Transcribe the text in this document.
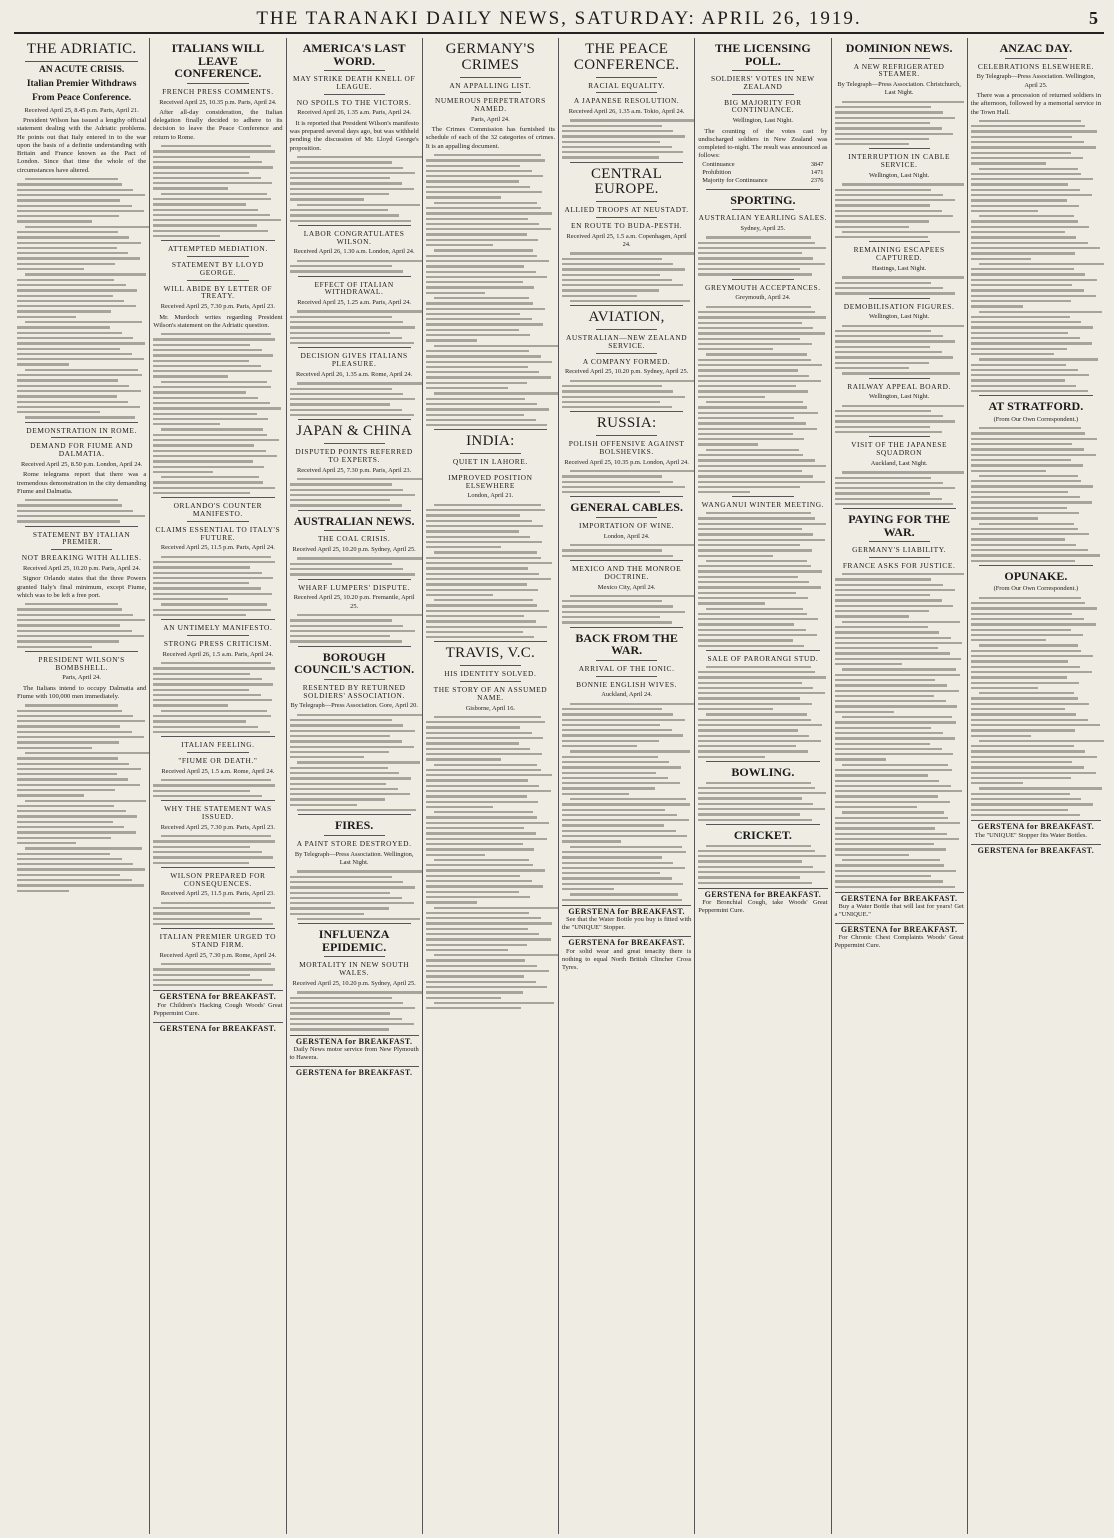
THE TARANAKI DAILY NEWS, SATURDAY: APRIL 26, 1919.	5
THE ADRIATIC.
AN ACUTE CRISIS.
Italian Premier Withdraws
From Peace Conference.
Received April 25, 8.45 p.m. Paris, April 21.

President Wilson has issued a lengthy official statement dealing with the Adriatic problems. He points out that Italy entered in to the war upon the basis of a definite understanding with Britain and France known as the Pact of London. Since that time the whole of the circumstances have altered.

DEMONSTRATION IN ROME.
DEMAND FOR FIUME AND DALMATIA.
Received April 25, 8.50 p.m. London, April 24.

Rome telegrams report that there was a tremendous demonstration in the city demanding Fiume and Dalmatia.

STATEMENT BY ITALIAN PREMIER.
NOT BREAKING WITH ALLIES.
Received April 25, 10.20 p.m. Paris, April 24.

Signor Orlando states that the three Powers granted Italy's final minimum, except Fiume, which was to be left a free port.

PRESIDENT WILSON'S BOMBSHELL.
Paris, April 24.

The Italians intend to occupy Dalmatia and Fiume with 100,000 men immediately.

ITALIANS WILL LEAVE CONFERENCE.
FRENCH PRESS COMMENTS.
Received April 25, 10.35 p.m. Paris, April 24.

After all-day consideration, the Italian delegation finally decided to adhere to its decision to leave the Peace Conference and return to Rome.

ATTEMPTED MEDIATION.
STATEMENT BY LLOYD GEORGE.
WILL ABIDE BY LETTER OF TREATY.
Received April 25, 7.30 p.m. Paris, April 23.

Mr. Murdoch writes regarding President Wilson's statement on the Adriatic question.

ORLANDO'S COUNTER MANIFESTO.
CLAIMS ESSENTIAL TO ITALY'S FUTURE.
Received April 25, 11.5 p.m. Paris, April 24.
AN UNTIMELY MANIFESTO.
STRONG PRESS CRITICISM.
Received April 26, 1.5 a.m. Paris, April 24.
ITALIAN FEELING.
"FIUME OR DEATH."
Received April 25, 1.5 a.m. Rome, April 24.
WHY THE STATEMENT WAS ISSUED.
Received April 25, 7.30 p.m. Paris, April 23.
WILSON PREPARED FOR CONSEQUENCES.
Received April 25, 11.5 p.m. Paris, April 23.
ITALIAN PREMIER URGED TO STAND FIRM.
Received April 25, 7.30 p.m. Rome, April 24.
GERSTENA for BREAKFAST.
For Children's Hacking Cough Woods' Great Peppermint Cure.
GERSTENA for BREAKFAST.
AMERICA'S LAST WORD.
MAY STRIKE DEATH KNELL OF LEAGUE.
NO SPOILS TO THE VICTORS.
Received April 26, 1.35 a.m. Paris, April 24.

It is reported that President Wilson's manifesto was prepared several days ago, but was withheld pending the discussion of Mr. Lloyd George's proposition.

LABOR CONGRATULATES WILSON.
Received April 26, 1.30 a.m. London, April 24.
EFFECT OF ITALIAN WITHDRAWAL.
Received April 25, 1.25 a.m. Paris, April 24.
DECISION GIVES ITALIANS PLEASURE.
Received April 26, 1.35 a.m. Rome, April 24.
JAPAN & CHINA
DISPUTED POINTS REFERRED TO EXPERTS.
Received April 25, 7.30 p.m. Paris, April 23.
AUSTRALIAN NEWS.
THE COAL CRISIS.
Received April 25, 10.20 p.m. Sydney, April 25.
WHARF LUMPERS' DISPUTE.
Received April 25, 10.20 p.m. Fremantle, April 25.
BOROUGH COUNCIL'S ACTION.
RESENTED BY RETURNED SOLDIERS' ASSOCIATION.
By Telegraph—Press Association. Gore, April 20.
FIRES.
A PAINT STORE DESTROYED.
By Telegraph—Press Association. Wellington, Last Night.
INFLUENZA EPIDEMIC.
MORTALITY IN NEW SOUTH WALES.
Received April 25, 10.20 p.m. Sydney, April 25.
GERSTENA for BREAKFAST.
Daily News motor service from New Plymouth to Hawera.
GERSTENA for BREAKFAST.
GERMANY'S CRIMES
AN APPALLING LIST.
NUMEROUS PERPETRATORS NAMED.
Paris, April 24.

The Crimes Commission has furnished its schedule of each of the 32 categories of crimes. It is an appalling document.

INDIA:
QUIET IN LAHORE.
IMPROVED POSITION ELSEWHERE
London, April 21.
TRAVIS, V.C.
HIS IDENTITY SOLVED.
THE STORY OF AN ASSUMED NAME.
Gisborne, April 16.
THE PEACE CONFERENCE.
RACIAL EQUALITY.
A JAPANESE RESOLUTION.
Received April 26, 1.35 a.m. Tokio, April 24.
CENTRAL EUROPE.
ALLIED TROOPS AT NEUSTADT.
EN ROUTE TO BUDA-PESTH.
Received April 25, 1.5 a.m. Copenhagen, April 24.
AVIATION,
AUSTRALIAN—NEW ZEALAND SERVICE.
A COMPANY FORMED.
Received April 25, 10.20 p.m. Sydney, April 25.
RUSSIA:
POLISH OFFENSIVE AGAINST BOLSHEVIKS.
Received April 25, 10.35 p.m. London, April 24.
GENERAL CABLES.
IMPORTATION OF WINE.
London, April 24.
MEXICO AND THE MONROE DOCTRINE.
Mexico City, April 24.
BACK FROM THE WAR.
ARRIVAL OF THE IONIC.
BONNIE ENGLISH WIVES.
Auckland, April 24.
GERSTENA for BREAKFAST.
See that the Water Bottle you buy is fitted with the "UNIQUE" Stopper.
GERSTENA for BREAKFAST.
For solid wear and great tenacity there is nothing to equal North British Clincher Cross Tyres.
THE LICENSING POLL.
SOLDIERS' VOTES IN NEW ZEALAND
BIG MAJORITY FOR CONTINUANCE.
Wellington, Last Night.

The counting of the votes cast by undischarged soldiers in New Zealand was completed to-night. The result was announced as follows:

Continuance	3847
Prohibition	1471
Majority for Continuance	2376
SPORTING.
AUSTRALIAN YEARLING SALES.
Sydney, April 25.
GREYMOUTH ACCEPTANCES.
Greymouth, April 24.
WANGANUI WINTER MEETING.
SALE OF PARORANGI STUD.
BOWLING.
CRICKET.
GERSTENA for BREAKFAST.
For Bronchial Cough, take Woods' Great Peppermint Cure.
DOMINION NEWS.
A NEW REFRIGERATED STEAMER.
By Telegraph—Press Association. Christchurch, Last Night.
INTERRUPTION IN CABLE SERVICE.
Wellington, Last Night.
REMAINING ESCAPEES CAPTURED.
Hastings, Last Night.
DEMOBILISATION FIGURES.
Wellington, Last Night.
RAILWAY APPEAL BOARD.
Wellington, Last Night.
VISIT OF THE JAPANESE SQUADRON
Auckland, Last Night.
PAYING FOR THE WAR.
GERMANY'S LIABILITY.
FRANCE ASKS FOR JUSTICE.
GERSTENA for BREAKFAST.
Buy a Water Bottle that will last for years! Get a "UNIQUE."
GERSTENA for BREAKFAST.
For Chronic Chest Complaints Woods' Great Peppermint Cure.
ANZAC DAY.
CELEBRATIONS ELSEWHERE.
By Telegraph—Press Association. Wellington, April 25.

There was a procession of returned soldiers in the afternoon, followed by a memorial service in the Town Hall.

AT STRATFORD.
(From Our Own Correspondent.)
OPUNAKE.
(From Our Own Correspondent.)
GERSTENA for BREAKFAST.
The "UNIQUE" Stopper fits Water Bottles.
GERSTENA for BREAKFAST.
